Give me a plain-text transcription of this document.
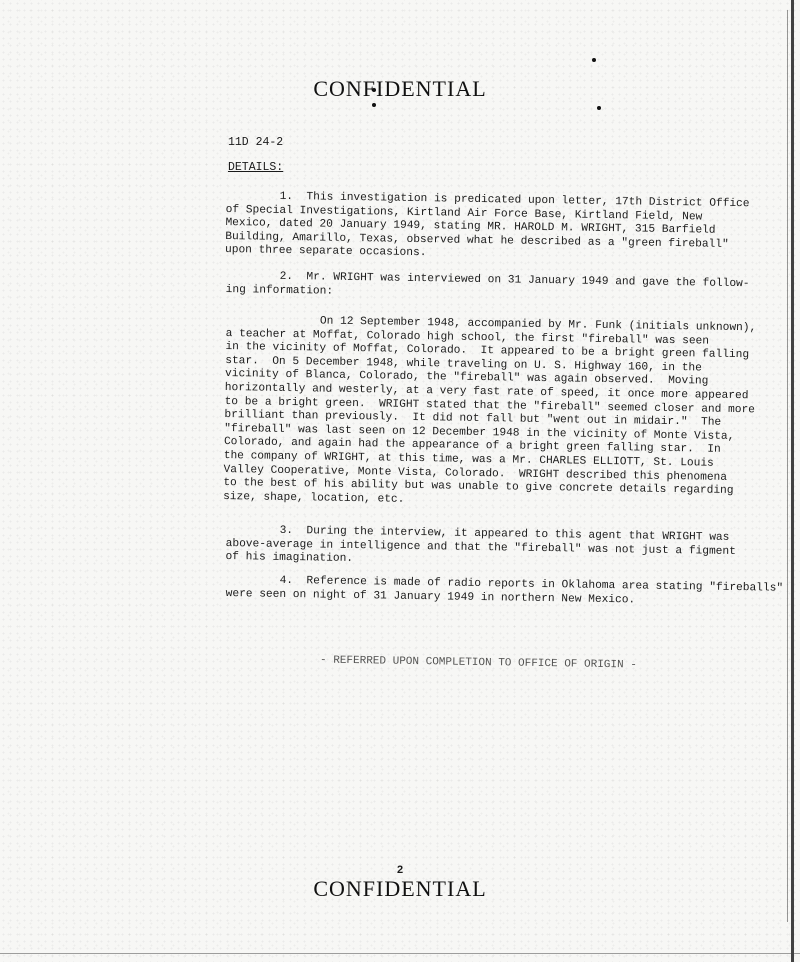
CONFIDENTIAL
11D 24-2
DETAILS:
1.  This investigation is predicated upon letter, 17th District Office
of Special Investigations, Kirtland Air Force Base, Kirtland Field, New
Mexico, dated 20 January 1949, stating MR. HAROLD M. WRIGHT, 315 Barfield
Building, Amarillo, Texas, observed what he described as a "green fireball"
upon three separate occasions.
2.  Mr. WRIGHT was interviewed on 31 January 1949 and gave the follow-
ing information:
On 12 September 1948, accompanied by Mr. Funk (initials unknown),
a teacher at Moffat, Colorado high school, the first "fireball" was seen
in the vicinity of Moffat, Colorado.  It appeared to be a bright green falling
star.  On 5 December 1948, while traveling on U. S. Highway 160, in the
vicinity of Blanca, Colorado, the "fireball" was again observed.  Moving
horizontally and westerly, at a very fast rate of speed, it once more appeared
to be a bright green.  WRIGHT stated that the "fireball" seemed closer and more
brilliant than previously.  It did not fall but "went out in midair."  The
"fireball" was last seen on 12 December 1948 in the vicinity of Monte Vista,
Colorado, and again had the appearance of a bright green falling star.  In
the company of WRIGHT, at this time, was a Mr. CHARLES ELLIOTT, St. Louis
Valley Cooperative, Monte Vista, Colorado.  WRIGHT described this phenomena
to the best of his ability but was unable to give concrete details regarding
size, shape, location, etc.
3.  During the interview, it appeared to this agent that WRIGHT was
above-average in intelligence and that the "fireball" was not just a figment
of his imagination.
4.  Reference is made of radio reports in Oklahoma area stating "fireballs"
were seen on night of 31 January 1949 in northern New Mexico.
- REFERRED UPON COMPLETION TO OFFICE OF ORIGIN -
2
CONFIDENTIAL
